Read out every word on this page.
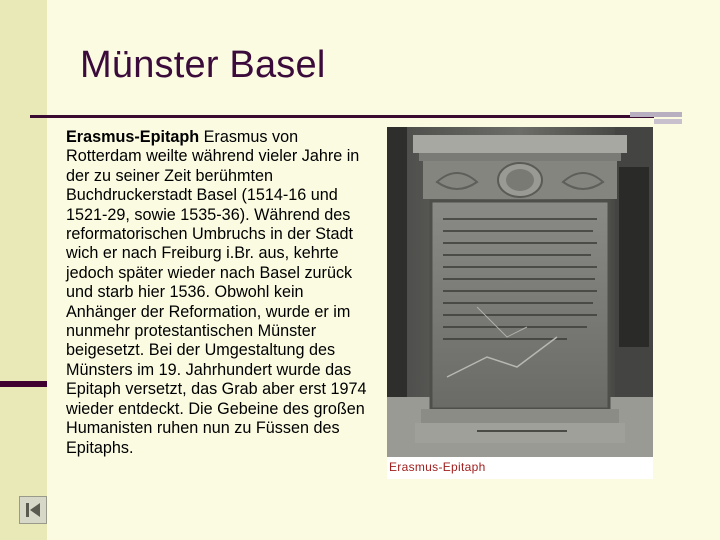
Münster Basel
Erasmus-Epitaph Erasmus von Rotterdam weilte während vieler Jahre in der zu seiner Zeit berühmten Buchdruckerstadt Basel (1514-16 und 1521-29, sowie 1535-36). Während des reformatorischen Umbruchs in der Stadt wich er nach Freiburg i.Br. aus, kehrte jedoch später wieder nach Basel zurück und starb hier 1536. Obwohl kein Anhänger der Reformation, wurde er im nunmehr protestantischen Münster beigesetzt. Bei der Umgestaltung des Münsters im 19. Jahrhundert wurde das Epitaph versetzt, das Grab aber erst 1974 wieder entdeckt. Die Gebeine des großen Humanisten ruhen nun zu Füssen des Epitaphs.
Erasmus-Epitaph
